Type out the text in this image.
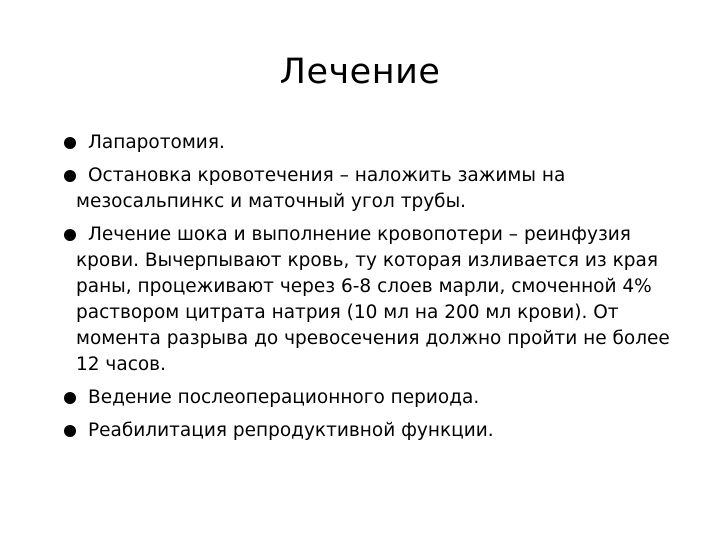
Лечение
Лапаротомия.
Остановка кровотечения – наложить зажимы на мезосальпинкс и маточный угол трубы.
Лечение шока и выполнение кровопотери – реинфузия крови. Вычерпывают кровь, ту которая изливается из края раны, процеживают через 6-8 слоев марли, смоченной 4% раствором цитрата натрия (10 мл на 200 мл крови). От момента разрыва до чревосечения должно пройти не более 12 часов.
Ведение послеоперационного периода.
Реабилитация репродуктивной функции.
